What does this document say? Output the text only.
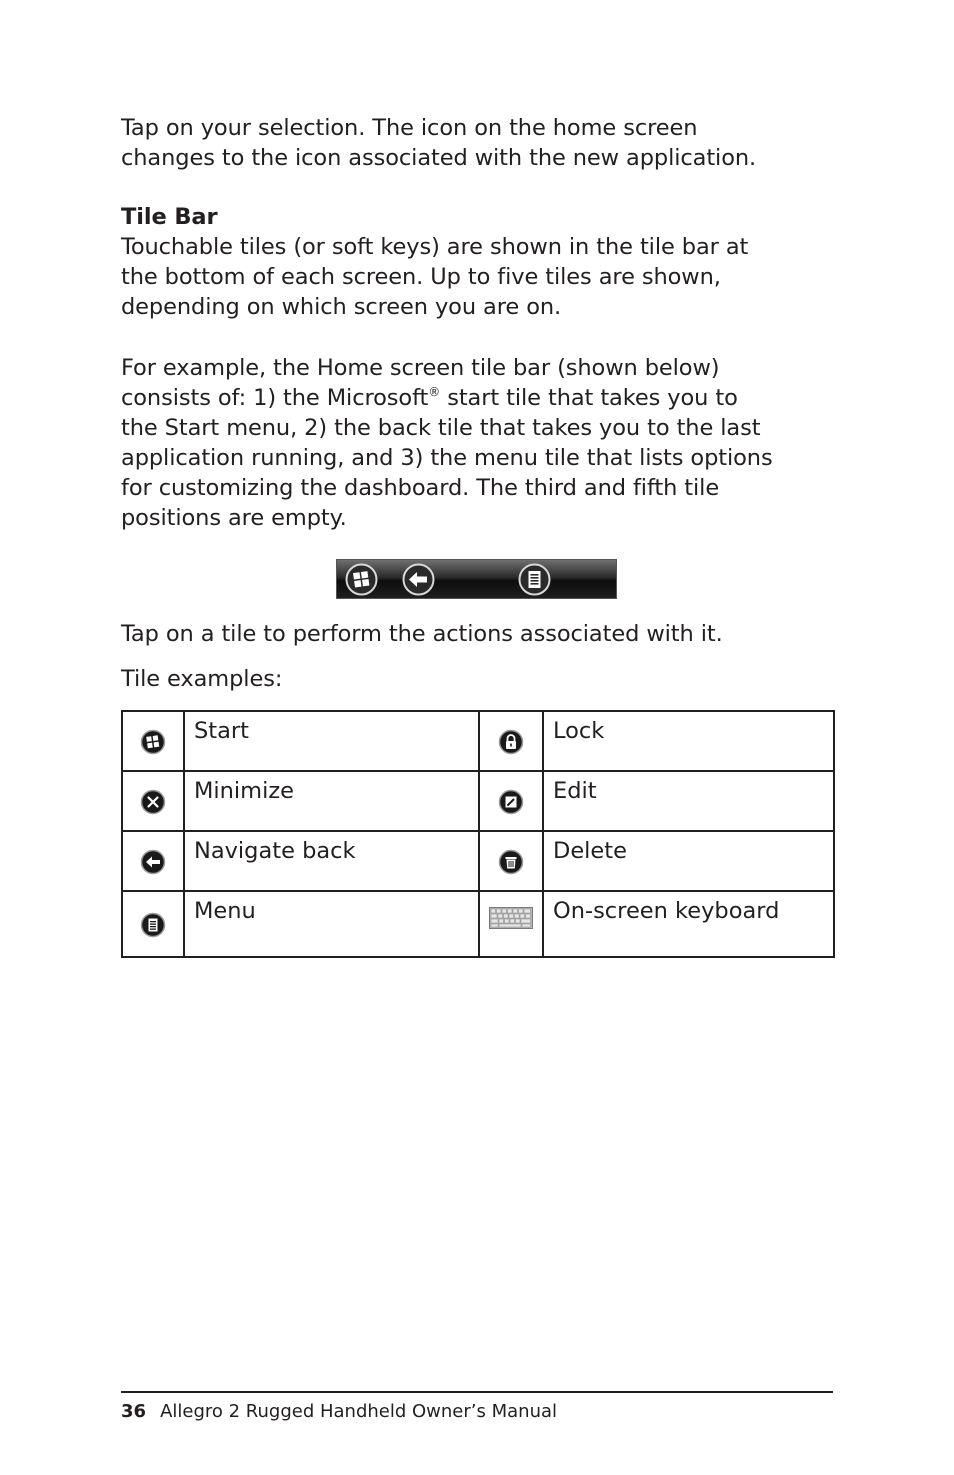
Tap on your selection. The icon on the home screen

changes to the icon associated with the new application.

Tile Bar

Touchable tiles (or soft keys) are shown in the tile bar at

the bottom of each screen. Up to five tiles are shown,

depending on which screen you are on.

For example, the Home screen tile bar (shown below)

consists of: 1) the Microsoft® start tile that takes you to

the Start menu, 2) the back tile that takes you to the last

application running, and 3) the menu tile that lists options

for customizing the dashboard. The third and fifth tile

positions are empty.

Tap on a tile to perform the actions associated with it.

Tile examples:

	Start		Lock
	Minimize		Edit
	Navigate back		Delete
	Menu		On-screen keyboard
36 Allegro 2 Rugged Handheld Owner’s Manual
